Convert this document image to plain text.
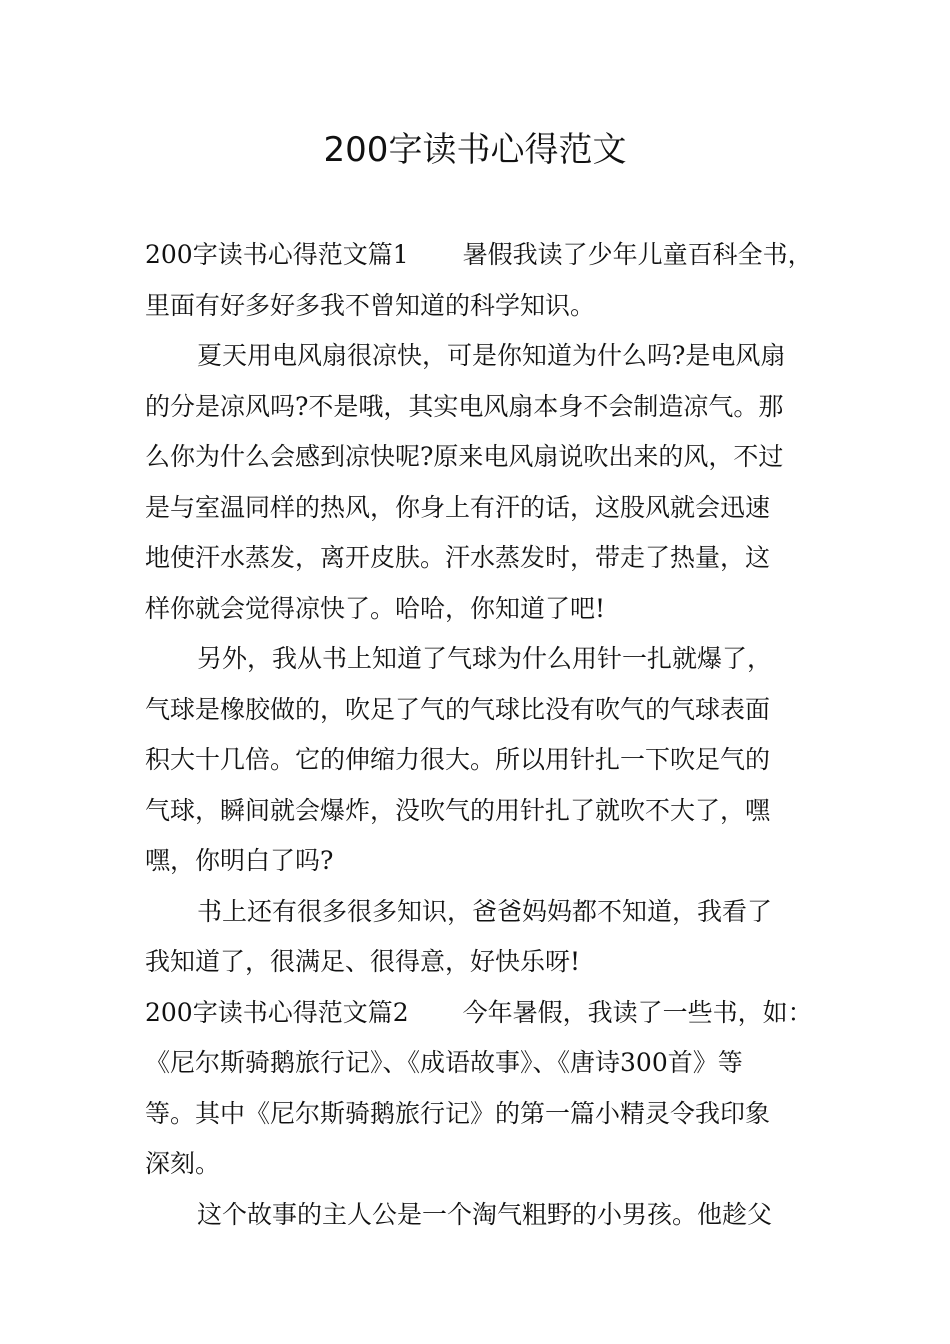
200字读书心得范文
200字读书心得范文篇1 暑假我读了少年儿童百科全书，
里面有好多好多我不曾知道的科学知识。
夏天用电风扇很凉快，可是你知道为什么吗?是电风扇
的分是凉风吗?不是哦，其实电风扇本身不会制造凉气。那
么你为什么会感到凉快呢?原来电风扇说吹出来的风，不过
是与室温同样的热风，你身上有汗的话，这股风就会迅速
地使汗水蒸发，离开皮肤。汗水蒸发时，带走了热量，这
样你就会觉得凉快了。哈哈，你知道了吧!
另外，我从书上知道了气球为什么用针一扎就爆了，
气球是橡胶做的，吹足了气的气球比没有吹气的气球表面
积大十几倍。它的伸缩力很大。所以用针扎一下吹足气的
气球，瞬间就会爆炸，没吹气的用针扎了就吹不大了，嘿
嘿，你明白了吗?
书上还有很多很多知识，爸爸妈妈都不知道，我看了
我知道了，很满足、很得意，好快乐呀!
200字读书心得范文篇2 今年暑假，我读了一些书，如：
《尼尔斯骑鹅旅行记》、《成语故事》、《唐诗300首》等
等。其中《尼尔斯骑鹅旅行记》的第一篇小精灵令我印象
深刻。
这个故事的主人公是一个淘气粗野的小男孩。他趁父
